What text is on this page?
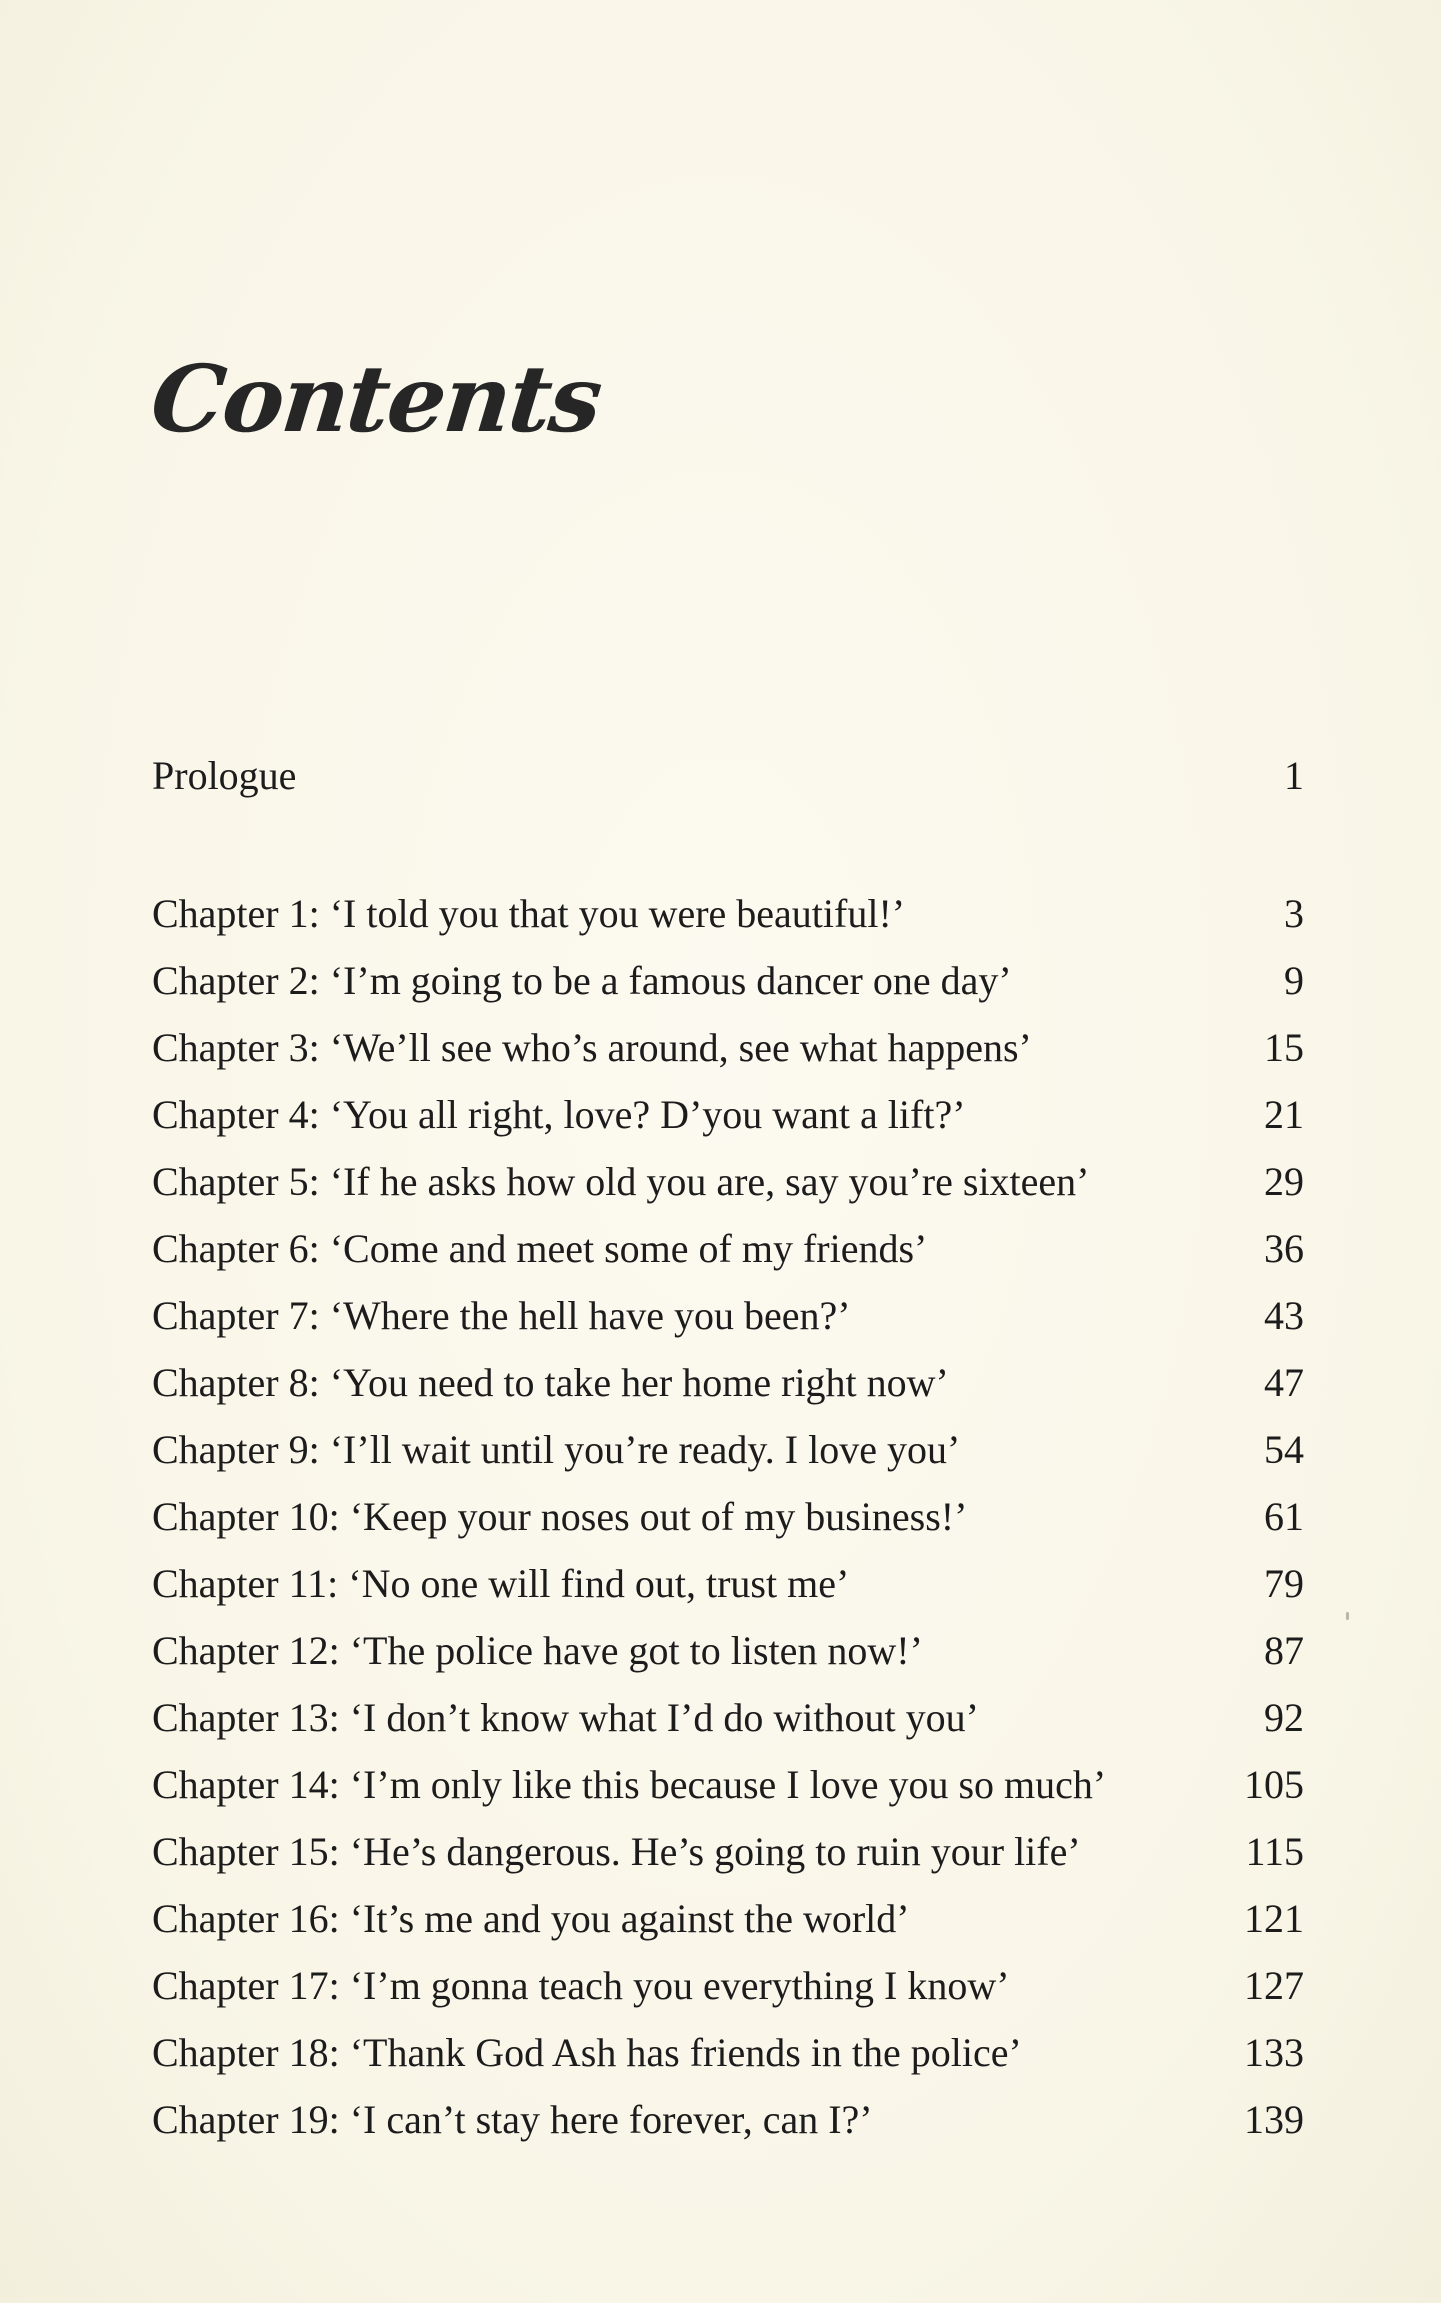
Contents
Prologue	1
Chapter 1: ‘I told you that you were beautiful!’	3
Chapter 2: ‘I’m going to be a famous dancer one day’	9
Chapter 3: ‘We’ll see who’s around, see what happens’	15
Chapter 4: ‘You all right, love? D’you want a lift?’	21
Chapter 5: ‘If he asks how old you are, say you’re sixteen’	29
Chapter 6: ‘Come and meet some of my friends’	36
Chapter 7: ‘Where the hell have you been?’	43
Chapter 8: ‘You need to take her home right now’	47
Chapter 9: ‘I’ll wait until you’re ready. I love you’	54
Chapter 10: ‘Keep your noses out of my business!’	61
Chapter 11: ‘No one will find out, trust me’	79
Chapter 12: ‘The police have got to listen now!’	87
Chapter 13: ‘I don’t know what I’d do without you’	92
Chapter 14: ‘I’m only like this because I love you so much’	105
Chapter 15: ‘He’s dangerous. He’s going to ruin your life’	115
Chapter 16: ‘It’s me and you against the world’	121
Chapter 17: ‘I’m gonna teach you everything I know’	127
Chapter 18: ‘Thank God Ash has friends in the police’	133
Chapter 19: ‘I can’t stay here forever, can I?’	139
